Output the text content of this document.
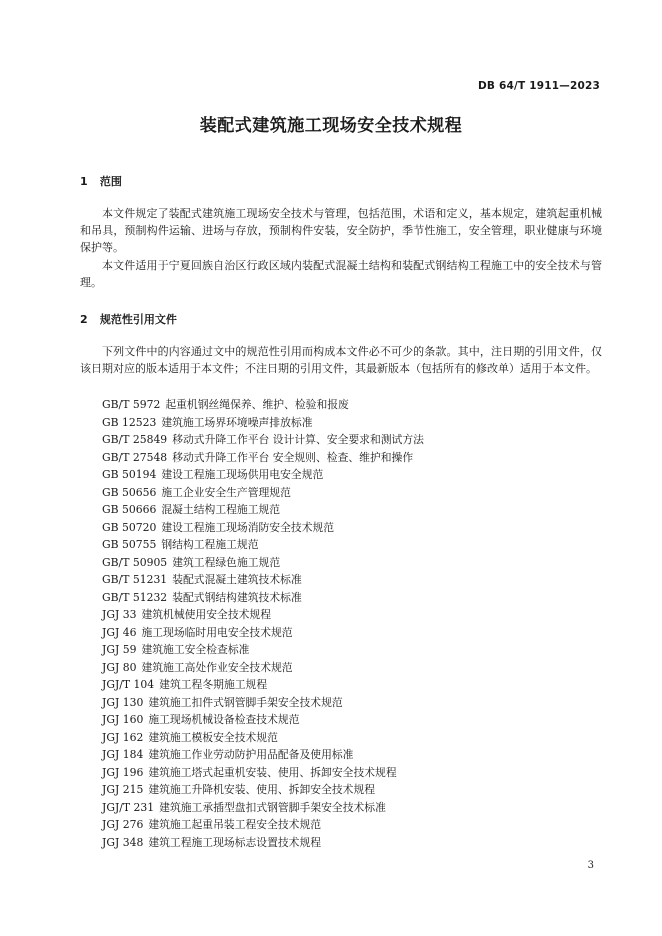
DB 64/T 1911—2023
装配式建筑施工现场安全技术规程
1 范围
本文件规定了装配式建筑施工现场安全技术与管理，包括范围，术语和定义，基本规定，建筑起重机械和吊具，预制构件运输、进场与存放，预制构件安装，安全防护，季节性施工，安全管理，职业健康与环境保护等。
本文件适用于宁夏回族自治区行政区域内装配式混凝土结构和装配式钢结构工程施工中的安全技术与管理。
2 规范性引用文件
下列文件中的内容通过文中的规范性引用而构成本文件必不可少的条款。其中，注日期的引用文件，仅该日期对应的版本适用于本文件；不注日期的引用文件，其最新版本（包括所有的修改单）适用于本文件。
GB/T 5972 起重机钢丝绳保养、维护、检验和报废
GB 12523 建筑施工场界环境噪声排放标准
GB/T 25849 移动式升降工作平台 设计计算、安全要求和测试方法
GB/T 27548 移动式升降工作平台 安全规则、检查、维护和操作
GB 50194 建设工程施工现场供用电安全规范
GB 50656 施工企业安全生产管理规范
GB 50666 混凝土结构工程施工规范
GB 50720 建设工程施工现场消防安全技术规范
GB 50755 钢结构工程施工规范
GB/T 50905 建筑工程绿色施工规范
GB/T 51231 装配式混凝土建筑技术标准
GB/T 51232 装配式钢结构建筑技术标准
JGJ 33 建筑机械使用安全技术规程
JGJ 46 施工现场临时用电安全技术规范
JGJ 59 建筑施工安全检查标准
JGJ 80 建筑施工高处作业安全技术规范
JGJ/T 104 建筑工程冬期施工规程
JGJ 130 建筑施工扣件式钢管脚手架安全技术规范
JGJ 160 施工现场机械设备检查技术规范
JGJ 162 建筑施工模板安全技术规范
JGJ 184 建筑施工作业劳动防护用品配备及使用标准
JGJ 196 建筑施工塔式起重机安装、使用、拆卸安全技术规程
JGJ 215 建筑施工升降机安装、使用、拆卸安全技术规程
JGJ/T 231 建筑施工承插型盘扣式钢管脚手架安全技术标准
JGJ 276 建筑施工起重吊装工程安全技术规范
JGJ 348 建筑工程施工现场标志设置技术规程
3
